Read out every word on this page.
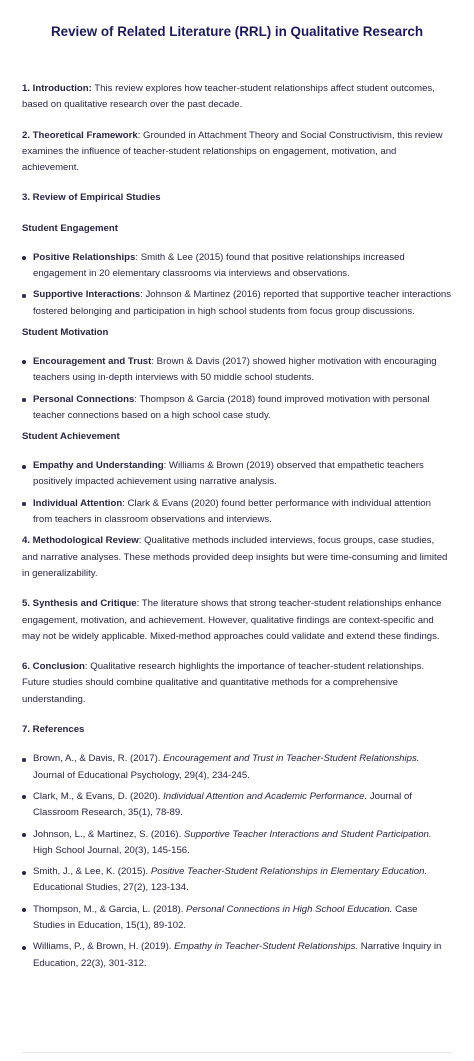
Review of Related Literature (RRL) in Qualitative Research

1. Introduction: This review explores how teacher-student relationships affect student outcomes, based on qualitative research over the past decade.

2. Theoretical Framework: Grounded in Attachment Theory and Social Constructivism, this review examines the influence of teacher-student relationships on engagement, motivation, and achievement.

3. Review of Empirical Studies

Student Engagement

Positive Relationships: Smith & Lee (2015) found that positive relationships increased engagement in 20 elementary classrooms via interviews and observations.
Supportive Interactions: Johnson & Martinez (2016) reported that supportive teacher interactions fostered belonging and participation in high school students from focus group discussions.

Student Motivation

Encouragement and Trust: Brown & Davis (2017) showed higher motivation with encouraging teachers using in-depth interviews with 50 middle school students.
Personal Connections: Thompson & Garcia (2018) found improved motivation with personal teacher connections based on a high school case study.

Student Achievement

Empathy and Understanding: Williams & Brown (2019) observed that empathetic teachers positively impacted achievement using narrative analysis.
Individual Attention: Clark & Evans (2020) found better performance with individual attention from teachers in classroom observations and interviews.

4. Methodological Review: Qualitative methods included interviews, focus groups, case studies, and narrative analyses. These methods provided deep insights but were time-consuming and limited in generalizability.

5. Synthesis and Critique: The literature shows that strong teacher-student relationships enhance engagement, motivation, and achievement. However, qualitative findings are context-specific and may not be widely applicable. Mixed-method approaches could validate and extend these findings.

6. Conclusion: Qualitative research highlights the importance of teacher-student relationships. Future studies should combine qualitative and quantitative methods for a comprehensive understanding.

7. References

Brown, A., & Davis, R. (2017). Encouragement and Trust in Teacher-Student Relationships. Journal of Educational Psychology, 29(4), 234-245.
Clark, M., & Evans, D. (2020). Individual Attention and Academic Performance. Journal of Classroom Research, 35(1), 78-89.
Johnson, L., & Martinez, S. (2016). Supportive Teacher Interactions and Student Participation. High School Journal, 20(3), 145-156.
Smith, J., & Lee, K. (2015). Positive Teacher-Student Relationships in Elementary Education. Educational Studies, 27(2), 123-134.
Thompson, M., & Garcia, L. (2018). Personal Connections in High School Education. Case Studies in Education, 15(1), 89-102.
Williams, P., & Brown, H. (2019). Empathy in Teacher-Student Relationships. Narrative Inquiry in Education, 22(3), 301-312.
